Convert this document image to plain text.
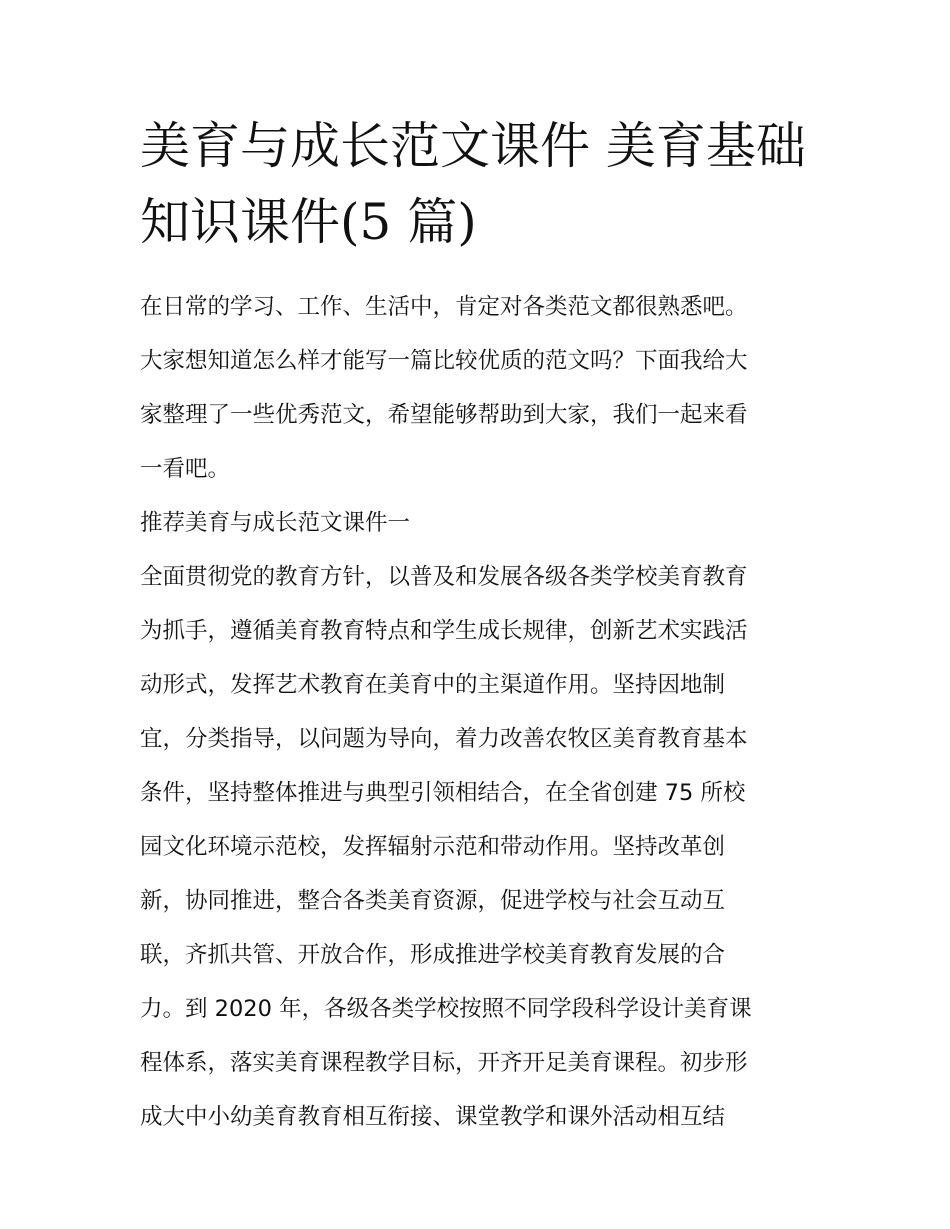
美育与成长范文课件 美育基础
知识课件(5 篇)
在日常的学习、工作、生活中，肯定对各类范文都很熟悉吧。
大家想知道怎么样才能写一篇比较优质的范文吗？下面我给大
家整理了一些优秀范文，希望能够帮助到大家，我们一起来看
一看吧。
推荐美育与成长范文课件一
全面贯彻党的教育方针，以普及和发展各级各类学校美育教育
为抓手，遵循美育教育特点和学生成长规律，创新艺术实践活
动形式，发挥艺术教育在美育中的主渠道作用。坚持因地制
宜，分类指导，以问题为导向，着力改善农牧区美育教育基本
条件，坚持整体推进与典型引领相结合，在全省创建 75 所校
园文化环境示范校，发挥辐射示范和带动作用。坚持改革创
新，协同推进，整合各类美育资源，促进学校与社会互动互
联，齐抓共管、开放合作，形成推进学校美育教育发展的合
力。到 2020 年，各级各类学校按照不同学段科学设计美育课
程体系，落实美育课程教学目标，开齐开足美育课程。初步形
成大中小幼美育教育相互衔接、课堂教学和课外活动相互结
